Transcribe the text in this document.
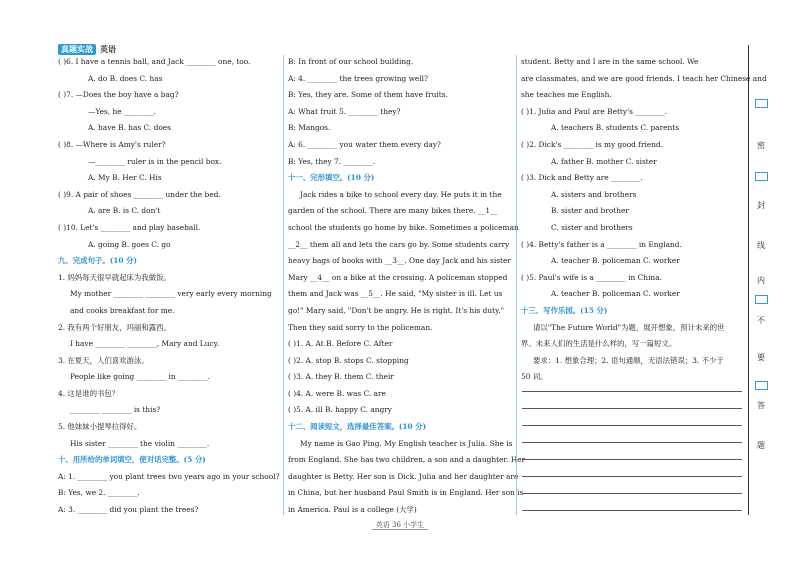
真题实战 英语

( )6. I have a tennis ball, and Jack ________ one, too.

A. do B. does C. has

( )7. —Does the boy have a bag?

—Yes, he ________.

A. have B. has C. does

( )8. —Where is Amy's ruler?

—________ ruler is in the pencil box.

A. My B. Her C. His

( )9. A pair of shoes ________ under the bed.

A. are B. is C. don't

( )10. Let's ________ and play baseball.

A. going B. goes C. go

九、完成句子。(10 分)

1. 妈妈每天很早就起床为我做饭。

My mother ________ ________ very early every morning

and cooks breakfast for me.

2. 我有两个好朋友，玛丽和露西。

I have ________ ________, Mary and Lucy.

3. 在夏天，人们喜欢游泳。

People like going ________ in ________.

4. 这是谁的书包？

________ ________ is this?

5. 他妹妹小提琴拉得好。

His sister ________ the violin ________.

十、用所给的单词填空，使对话完整。(5 分)

A: 1. ________ you plant trees two years ago in your school?

B: Yes, we 2. ________.

A: 3. ________ did you plant the trees?

B: In front of our school building.

A: 4. ________ the trees growing well?

B: Yes, they are. Some of them have fruits.

A: What fruit 5. ________ they?

B: Mangos.

A: 6. ________ you water them every day?

B: Yes, they 7. ________.

十一、完形填空。(10 分)

Jack rides a bike to school every day. He puts it in the

garden of the school. There are many bikes there. __1__

school the students go home by bike. Sometimes a policeman

__2__ them all and lets the cars go by. Some students carry

heavy bags of books with __3__. One day Jack and his sister

Mary __4__ on a bike at the crossing. A policeman stopped

them and Jack was __5__. He said, "My sister is ill. Let us

go!" Mary said, "Don't be angry. He is right. It's his duty."

Then they said sorry to the policeman.

( )1. A. At B. Before C. After

( )2. A. stop B. stops C. stopping

( )3. A. they B. them C. their

( )4. A. were B. was C. are

( )5. A. ill B. happy C. angry

十二、阅读短文，选择最佳答案。(10 分)

My name is Gao Ping. My English teacher is Julia. She is

from England. She has two children, a son and a daughter. Her

daughter is Betty. Her son is Dick. Julia and her daughter are

in China, but her husband Paul Smith is in England. Her son is

in America. Paul is a college (大学)

student. Betty and I are in the same school. We

are classmates, and we are good friends. I teach her Chinese and

she teaches me English.

( )1. Julia and Paul are Betty's ________.

A. teachers B. students C. parents

( )2. Dick's ________ is my good friend.

A. father B. mother C. sister

( )3. Dick and Betty are ________.

A. sisters and brothers

B. sister and brother

C. sister and brothers

( )4. Betty's father is a ________ in England.

A. teacher B. policeman C. worker

( )5. Paul's wife is a ________ in China.

A. teacher B. policeman C. worker

十三、写作乐园。(15 分)

请以"The Future World"为题，展开想象，预计未来的世

界、未来人们的生活是什么样的，写一篇短文。

要求：1. 想象合理；2. 语句通顺，无语法错误；3. 不少于

50 词。

密
封
线
内
不
要
答
题
英语 36 小学生
